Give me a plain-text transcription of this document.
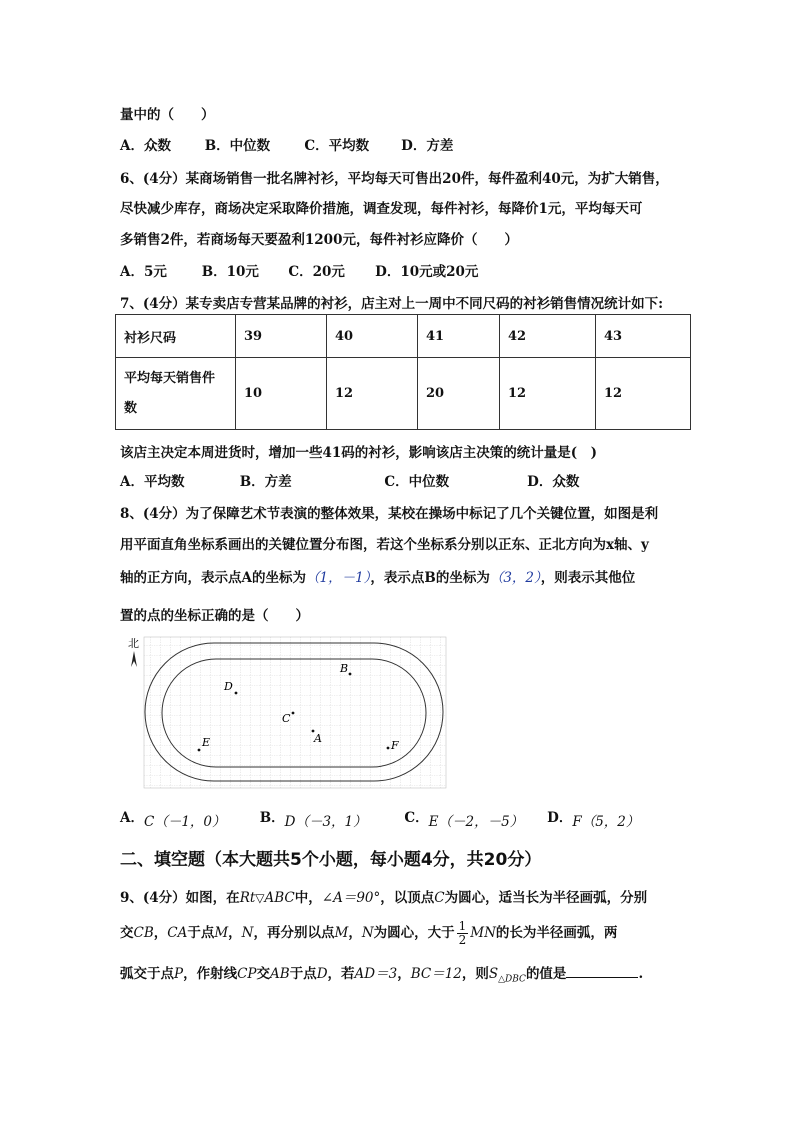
量中的（　　）
A．众数 B．中位数	C．平均数 D．方差
6、(4分）某商场销售一批名牌衬衫，平均每天可售出20件，每件盈利40元，为扩大销售，
尽快减少库存，商场决定采取降价措施，调查发现，每件衬衫，每降价1元，平均每天可
多销售2件，若商场每天要盈利1200元，每件衬衫应降价（　　）
A．5元	B．10元 C．20元 D．10元或20元
7、(4分）某专卖店专营某品牌的衬衫，店主对上一周中不同尺码的衬衫销售情况统计如下:
衬衫尺码	39	40	41	42	43
平均每天销售件
数	10	12	20	12	12
该店主决定本周进货时，增加一些41码的衬衫，影响该店主决策的统计量是(　)
A．平均数	B．方差	C．中位数	D．众数
8、(4分）为了保障艺术节表演的整体效果，某校在操场中标记了几个关键位置，如图是利
用平面直角坐标系画出的关键位置分布图，若这个坐标系分别以正东、正北方向为x轴、y
轴的正方向，表示点A的坐标为（1，－1），表示点B的坐标为（3，2），则表示其他位
置的点的坐标正确的是（　　）
北
B
D
C
A
E	F
A．C（－1，0）	B．D（－3，1）	C．E（－2，－5） D．F（5，2）
二、填空题（本大题共5个小题，每小题4分，共20分）
9、(4分）如图，在Rt▽ABC中，∠A＝90°，以顶点C为圆心，适当长为半径画弧，分别
交CB，CA于点M，N，再分别以点M，N为圆心，大于 $\frac{1}{2}$ MN的长为半径画弧，两
弧交于点P，作射线CP交AB于点D，若AD＝3，BC＝12，则$S_{\triangle DBC}$的值是	.
